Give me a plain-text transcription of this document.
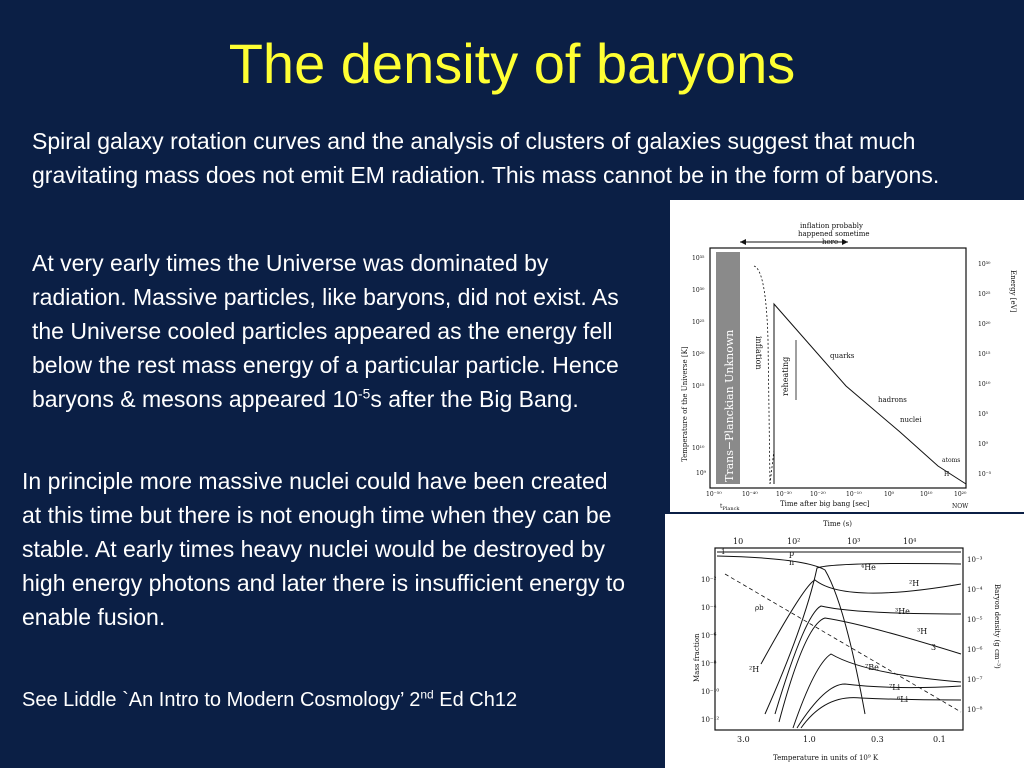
The density of baryons

Spiral galaxy rotation curves and the analysis of clusters of galaxies suggest that much gravitating mass does not emit EM radiation. This mass cannot be in the form of baryons.

At very early times the Universe was dominated by radiation. Massive particles, like baryons, did not exist. As the Universe cooled particles appeared as the energy fell below the rest mass energy of a particular particle. Hence baryons & mesons appeared $10^{-5}s$ after the Big Bang.

In principle more massive nuclei could have been created at this time but there is not enough time when they can be stable. At early times heavy nuclei would be destroyed by high energy photons and later there is insufficient energy to enable fusion.

See Liddle `An Intro to Modern Cosmology’ 2nd Ed Ch12

inflation probably
happened sometime
here
Trans−Planckian Unknown
Temperature of the Universe [K]
Energy [eV]
Time after big bang [sec]
10³⁵
10³⁰
10²⁵
10²⁰
10¹⁵
10¹⁰
10⁹
10³⁰
10²⁵
10²⁰
10¹⁵
10¹⁰
10⁵
10⁰
10⁻⁵
10⁻⁵⁰	10⁻⁴⁰	10⁻³⁰	10⁻²⁰	10⁻¹⁰	10⁰	10¹⁰	10²⁰
$t_{Planck}$	NOW
inflation
reheating
quarks
hadrons
nuclei
atoms
H
Time (s)
10	10²	10³	10⁴
Mass fraction	Baryon density (g cm⁻³)
Temperature in units of 10⁹ K
1
10⁻²
10⁻⁴
10⁻⁶
10⁻⁸
10⁻¹⁰
10⁻¹²
10⁻³
10⁻⁴
10⁻⁵
10⁻⁶
10⁻⁷
10⁻⁸
3.0	1.0	0.3	0.1
p
n
⁴He
²H
³He
³H
ρb
²H	⁷Be
⁷Li
⁶Li
3
